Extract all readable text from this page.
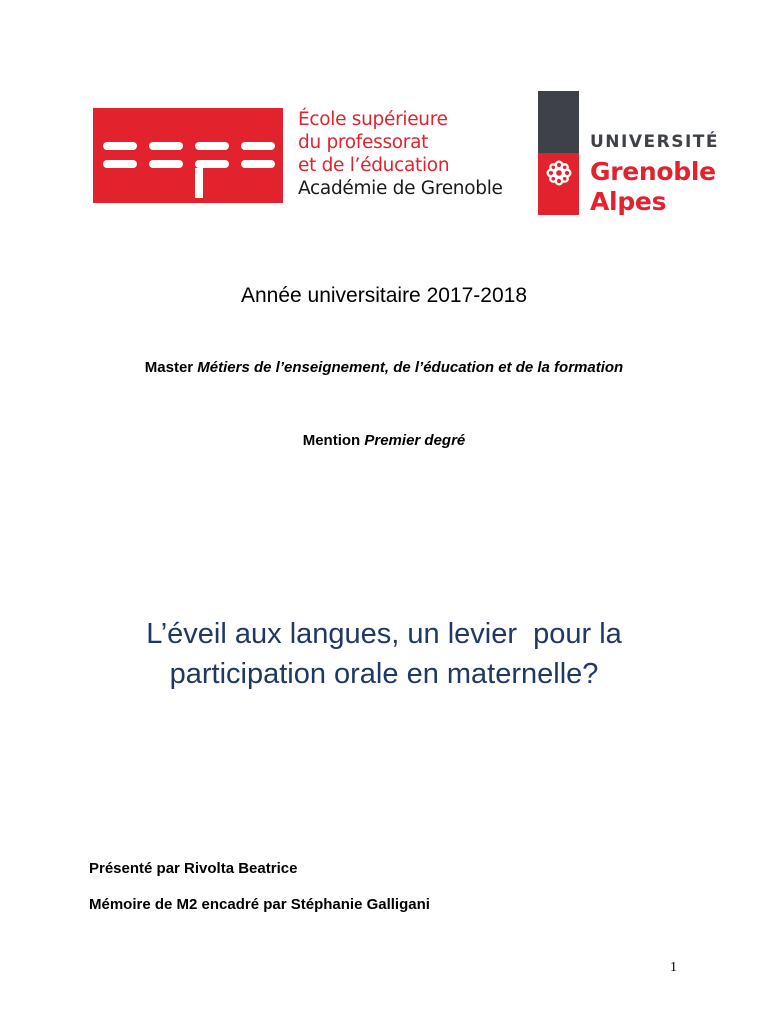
École supérieure
du professorat
et de l’éducation
Académie de Grenoble
UNIVERSITÉ
Grenoble
Alpes
Année universitaire 2017-2018
Master Métiers de l’enseignement, de l’éducation et de la formation
Mention Premier degré
L’éveil aux langues, un levier  pour la
participation orale en maternelle?
Présenté par Rivolta Beatrice
Mémoire de M2 encadré par Stéphanie Galligani
1
